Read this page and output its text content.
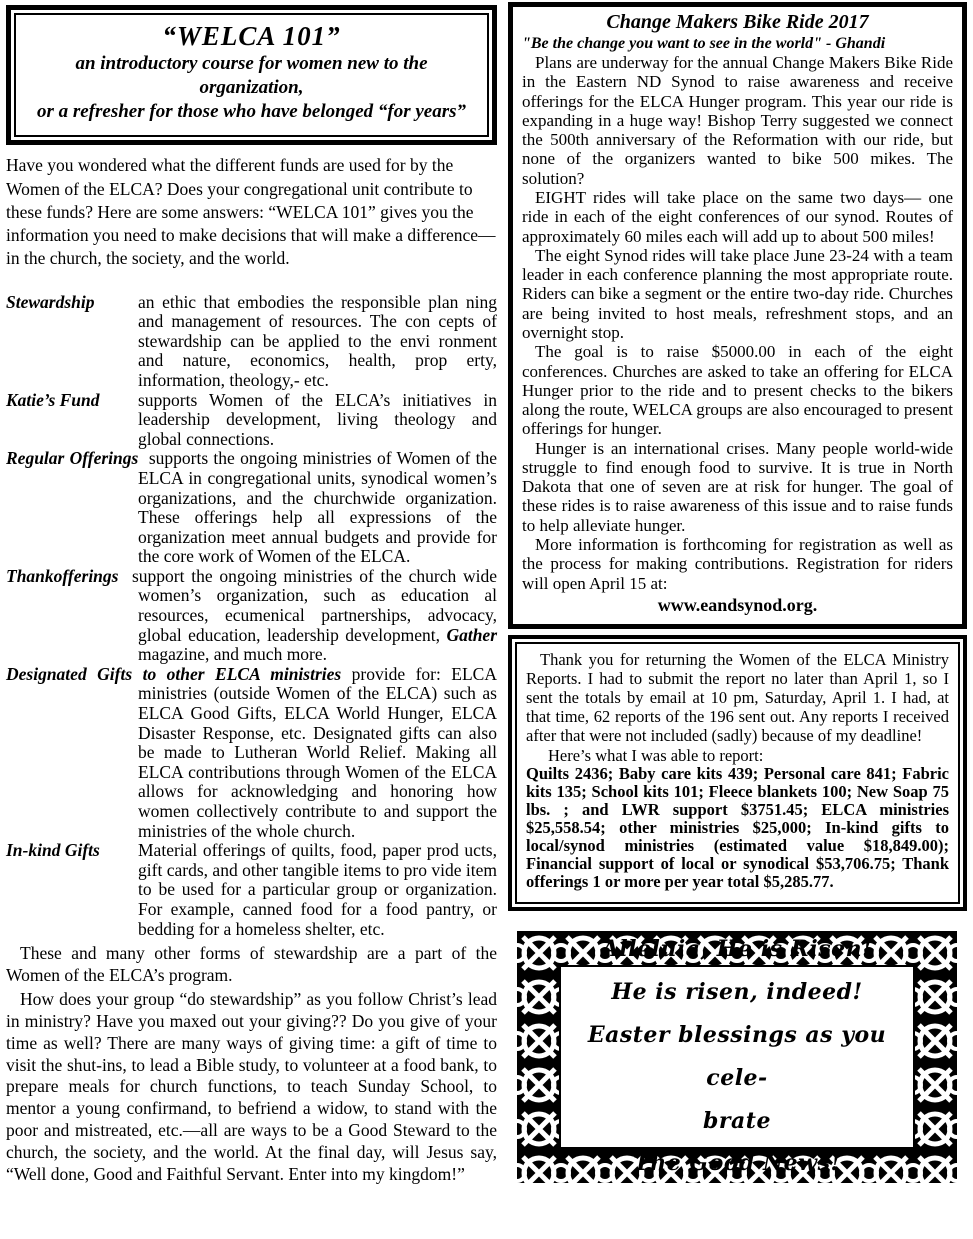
“WELCA 101”
an introductory course for women new to the organization,
or a refresher for those who have belonged “for years”
Have you wondered what the different funds are used for by the Women of the ELCA? Does your congregational unit contribute to these funds? Here are some answers: “WELCA 101” gives you the information you need to make decisions that will make a difference—in the church, the society, and the world.

Stewardship an ethic that embodies the responsible plan ning and management of resources. The con cepts of stewardship can be applied to the envi ronment and nature, economics, health, prop erty, information, theology,- etc.

Katie’s Fund supports Women of the ELCA’s initiatives in leadership development, living theology and global connections.

Regular Offerings supports the ongoing ministries of Women of the ELCA in congregational units, synodical women’s organizations, and the churchwide organization. These offerings help all expressions of the organization meet annual budgets and provide for the core work of Women of the ELCA.

Thankofferings support the ongoing ministries of the church wide women’s organization, such as education al resources, ecumenical partnerships, advocacy, global education, leadership development, Gather magazine, and much more.

Designated Gifts to other ELCA ministries provide for: ELCA ministries (outside Women of the ELCA) such as ELCA Good Gifts, ELCA World Hunger, ELCA Disaster Response, etc. Designated gifts can also be made to Lutheran World Relief. Making all ELCA contributions through Women of the ELCA allows for acknowledging and honoring how women collectively contribute to and support the ministries of the whole church.

In-kind Gifts Material offerings of quilts, food, paper prod ucts, gift cards, and other tangible items to pro vide item to be used for a particular group or organization. For example, canned food for a food pantry, or bedding for a homeless shelter, etc.

These and many other forms of stewardship are a part of the Women of the ELCA’s program.

How does your group “do stewardship” as you follow Christ’s lead in ministry? Have you maxed out your giving?? Do you give of your time as well? There are many ways of giving time: a gift of time to visit the shut-ins, to lead a Bible study, to volunteer at a food bank, to prepare meals for church functions, to teach Sunday School, to mentor a young confirmand, to befriend a widow, to stand with the poor and mistreated, etc.—all are ways to be a Good Steward to the church, the society, and the world. At the final day, will Jesus say, “Well done, Good and Faithful Servant. Enter into my kingdom!”

Change Makers Bike Ride 2017
"Be the change you want to see in the world" - Ghandi

Plans are underway for the annual Change Makers Bike Ride in the Eastern ND Synod to raise awareness and receive offerings for the ELCA Hunger program. This year our ride is expanding in a huge way! Bishop Terry suggested we connect the 500th anniversary of the Reformation with our ride, but none of the organizers wanted to bike 500 mikes. The solution?

EIGHT rides will take place on the same two days— one ride in each of the eight conferences of our synod. Routes of approximately 60 miles each will add up to about 500 miles!

The eight Synod rides will take place June 23-24 with a team leader in each conference planning the most appropriate route. Riders can bike a segment or the entire two-day ride. Churches are being invited to host meals, refreshment stops, and an overnight stop.

The goal is to raise $5000.00 in each of the eight conferences. Churches are asked to take an offering for ELCA Hunger prior to the ride and to present checks to the bikers along the route, WELCA groups are also encouraged to present offerings for hunger.

Hunger is an international crises. Many people world-wide struggle to find enough food to survive. It is true in North Dakota that one of seven are at risk for hunger. The goal of these rides is to raise awareness of this issue and to raise funds to help alleviate hunger.

More information is forthcoming for registration as well as the process for making contributions. Registration for riders will open April 15 at:

www.eandsynod.org.

Thank you for returning the Women of the ELCA Ministry Reports. I had to submit the report no later than April 1, so I sent the totals by email at 10 pm, Saturday, April 1. I had, at that time, 62 reports of the 196 sent out. Any reports I received after that were not included (sadly) because of my deadline!

Here’s what I was able to report:

Quilts 2436; Baby care kits 439; Personal care 841; Fabric kits 135; School kits 101; Fleece blankets 100; New Soap 75 lbs. ; and LWR support $3751.45; ELCA ministries $25,558.54; other ministries $25,000; In-kind gifts to local/synod ministries (estimated value $18,849.00); Financial support of local or synodical $53,706.75; Thank offerings 1 or more per year total $5,285.77.

Alleluia, He is Risen!
He is risen, indeed!
Easter blessings as you cele-
brate
The Good News!
